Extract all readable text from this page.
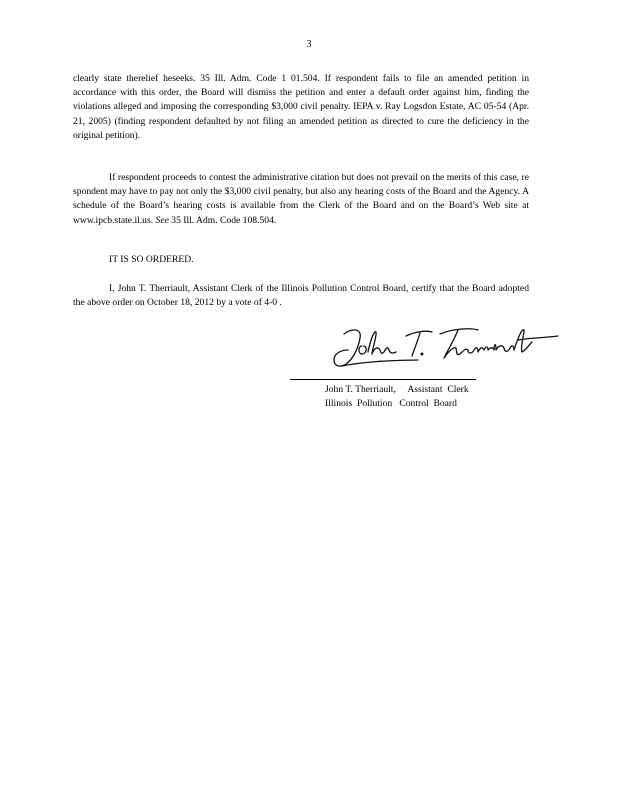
3

clearly state therelief heseeks. 35 Ill. Adm. Code 1 01.504. If respondent fails to file an amended petition in accordance with this order, the Board will dismiss the petition and enter a default order against him, finding the violations alleged and imposing the corresponding $3,000 civil penalty. IEPA v. Ray Logsdon Estate, AC 05-54 (Apr. 21, 2005) (finding respondent defaulted by not filing an amended petition as directed to cure the deficiency in the original petition).

If respondent proceeds to contest the administrative citation but does not prevail on the merits of this case, re spondent may have to pay not only the $3,000 civil penalty, but also any hearing costs of the Board and the Agency. A schedule of the Board’s hearing costs is available from the Clerk of the Board and on the Board’s Web site at www.ipcb.state.il.us. See 35 Ill. Adm. Code 108.504.

IT IS SO ORDERED.

I, John T. Therriault, Assistant Clerk of the Illinois Pollution Control Board, certify that the Board adopted the above order on October 18, 2012 by a vote of 4-0 .

John T. Therriault,     Assistant  Clerk
Illinois  Pollution   Control  Board
